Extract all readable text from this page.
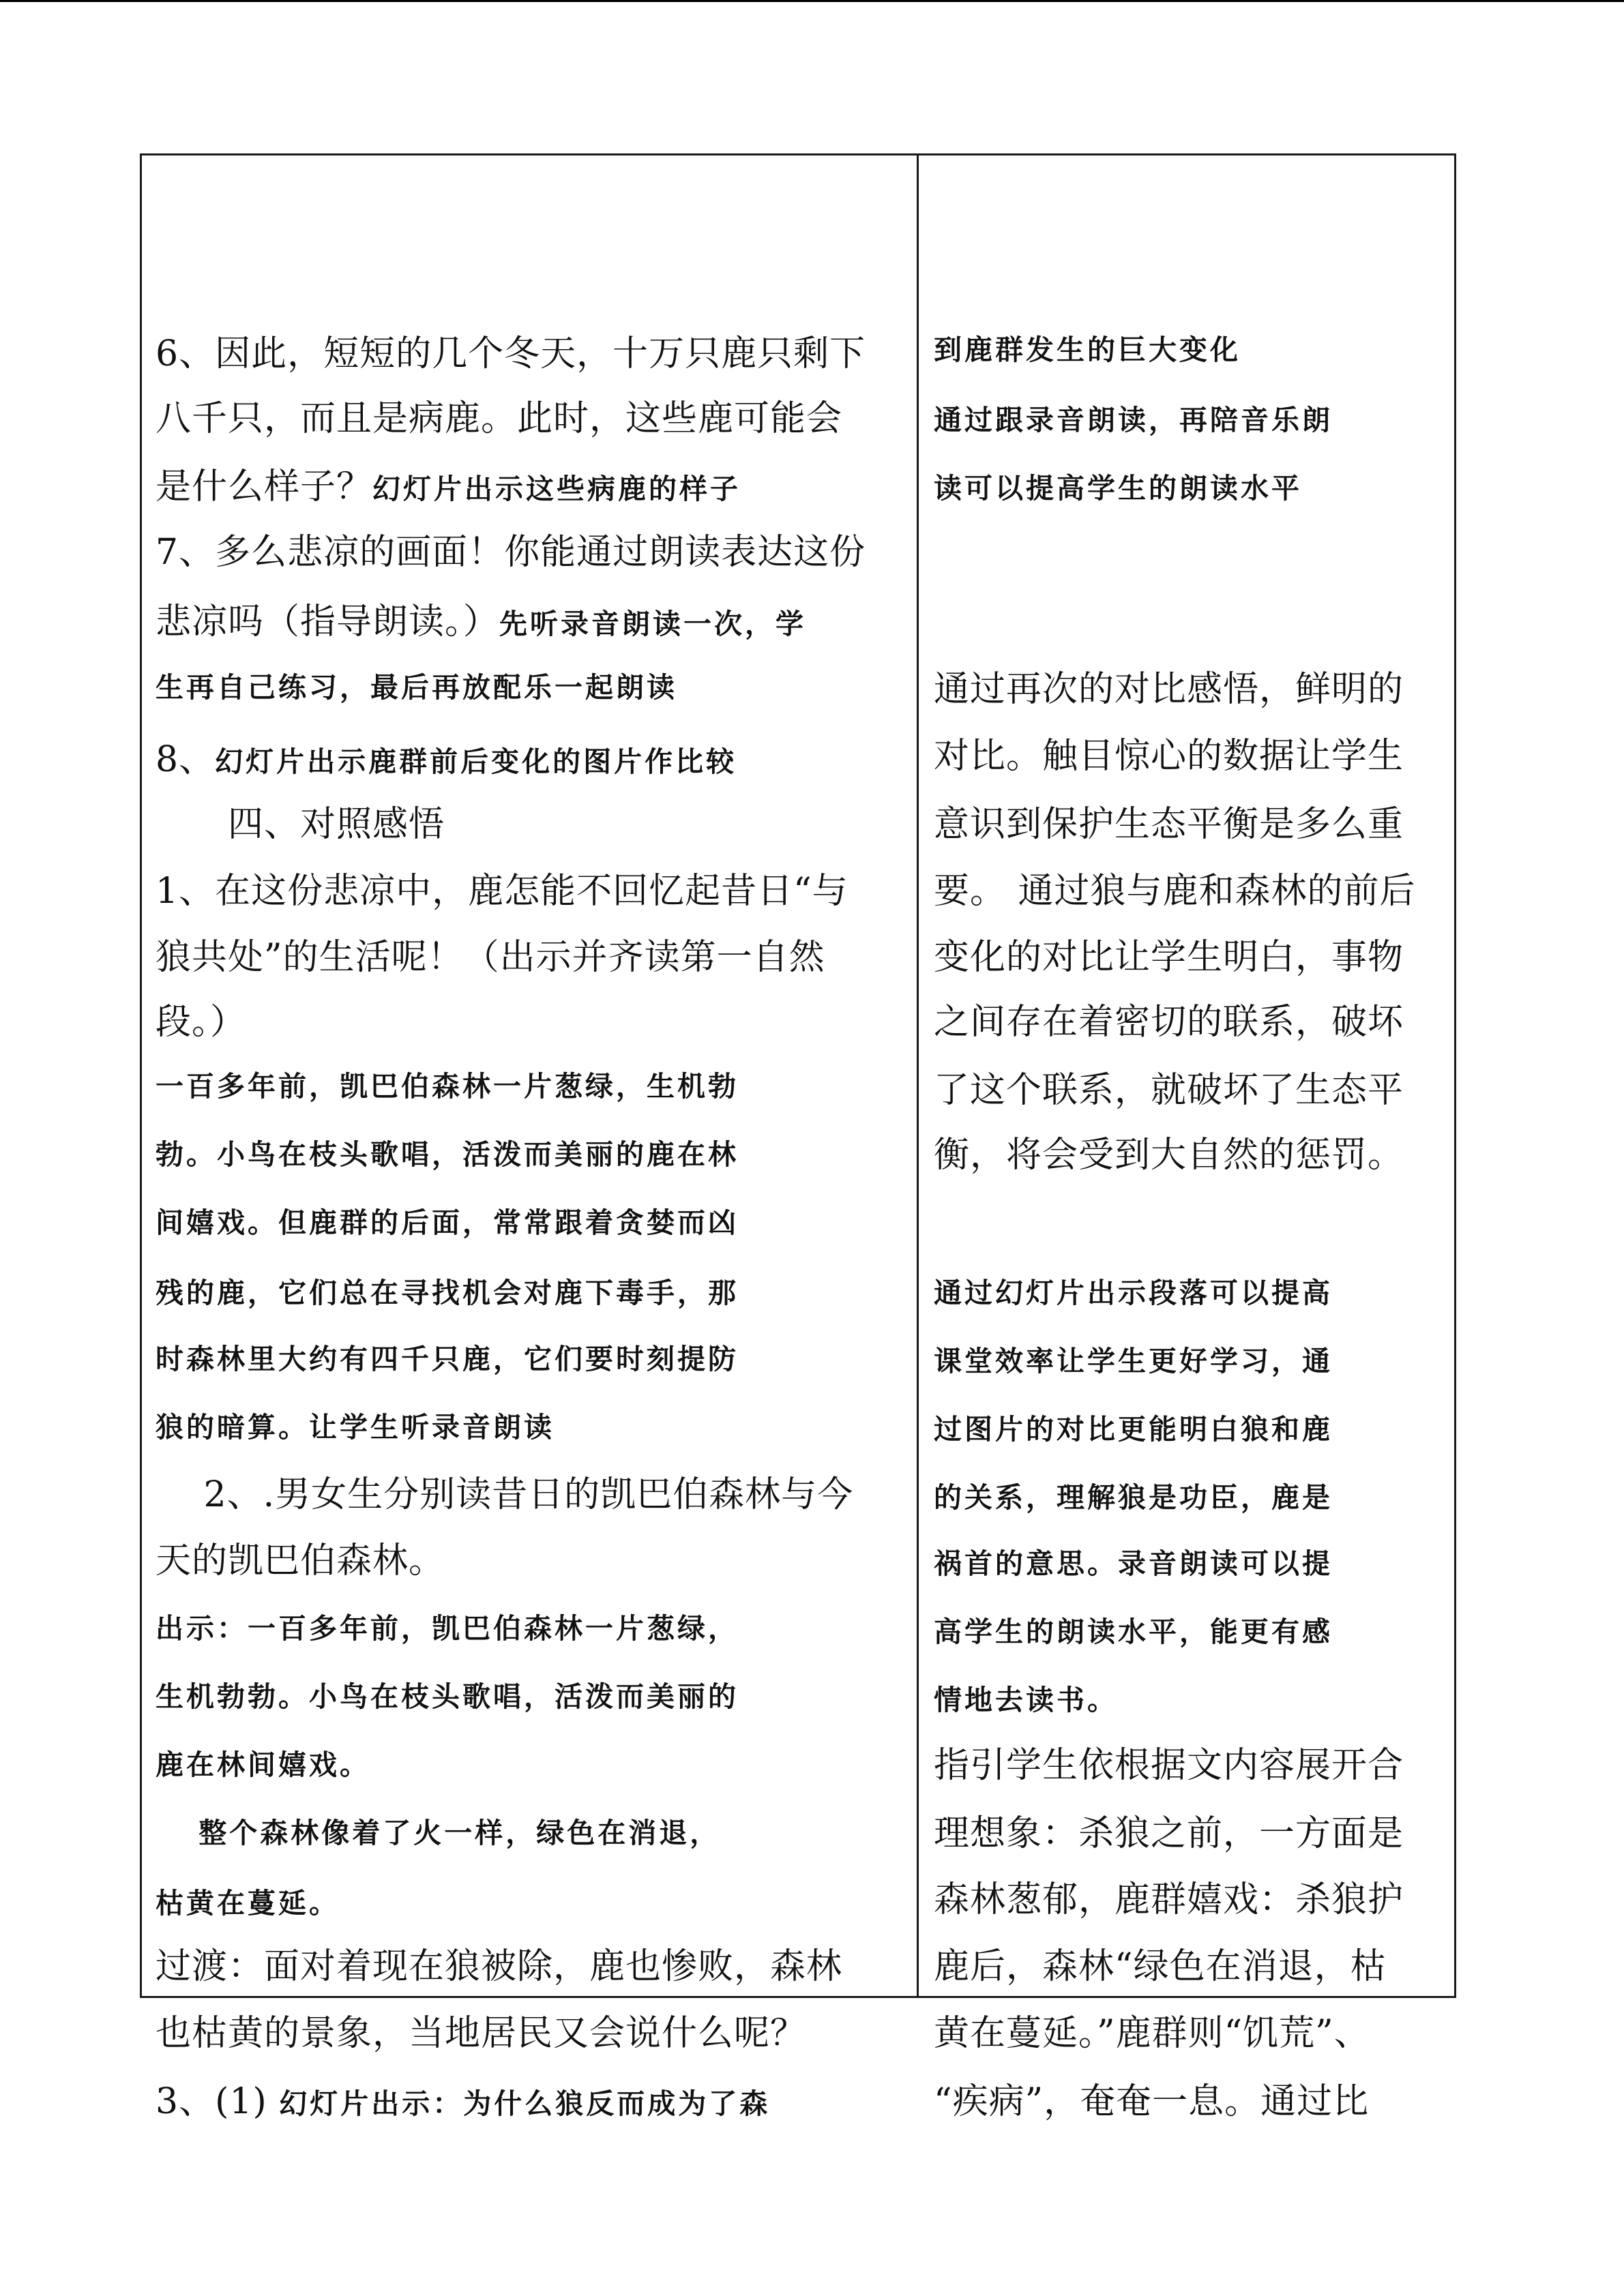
6、因此，短短的几个冬天，十万只鹿只剩下
八千只，而且是病鹿。此时，这些鹿可能会
是什么样子？幻灯片出示这些病鹿的样子
7、多么悲凉的画面！你能通过朗读表达这份
悲凉吗（指导朗读。）先听录音朗读一次，学
生再自己练习，最后再放配乐一起朗读
8、幻灯片出示鹿群前后变化的图片作比较
　　四、对照感悟
1、在这份悲凉中，鹿怎能不回忆起昔日“与
狼共处”的生活呢！（出示并齐读第一自然
段。）
一百多年前，凯巴伯森林一片葱绿，生机勃
勃。小鸟在枝头歌唱，活泼而美丽的鹿在林
间嬉戏。但鹿群的后面，常常跟着贪婪而凶
残的鹿，它们总在寻找机会对鹿下毒手，那
时森林里大约有四千只鹿，它们要时刻提防
狼的暗算。让学生听录音朗读
　 2、.男女生分别读昔日的凯巴伯森林与今
天的凯巴伯森林。
出示：一百多年前，凯巴伯森林一片葱绿，
生机勃勃。小鸟在枝头歌唱，活泼而美丽的
鹿在林间嬉戏。
　 整个森林像着了火一样，绿色在消退，
枯黄在蔓延。
过渡：面对着现在狼被除，鹿也惨败，森林
也枯黄的景象，当地居民又会说什么呢？
3、(1) 幻灯片出示：为什么狼反而成为了森
到鹿群发生的巨大变化
通过跟录音朗读，再陪音乐朗
读可以提高学生的朗读水平
通过再次的对比感悟，鲜明的
对比。触目惊心的数据让学生
意识到保护生态平衡是多么重
要。 通过狼与鹿和森林的前后
变化的对比让学生明白，事物
之间存在着密切的联系，破坏
了这个联系，就破坏了生态平
衡，将会受到大自然的惩罚。
通过幻灯片出示段落可以提高
课堂效率让学生更好学习，通
过图片的对比更能明白狼和鹿
的关系，理解狼是功臣，鹿是
祸首的意思。录音朗读可以提
高学生的朗读水平，能更有感
情地去读书。
指引学生依根据文内容展开合
理想象：杀狼之前，一方面是
森林葱郁，鹿群嬉戏：杀狼护
鹿后，森林“绿色在消退，枯
黄在蔓延。”鹿群则“饥荒”、
“疾病”，奄奄一息。通过比
